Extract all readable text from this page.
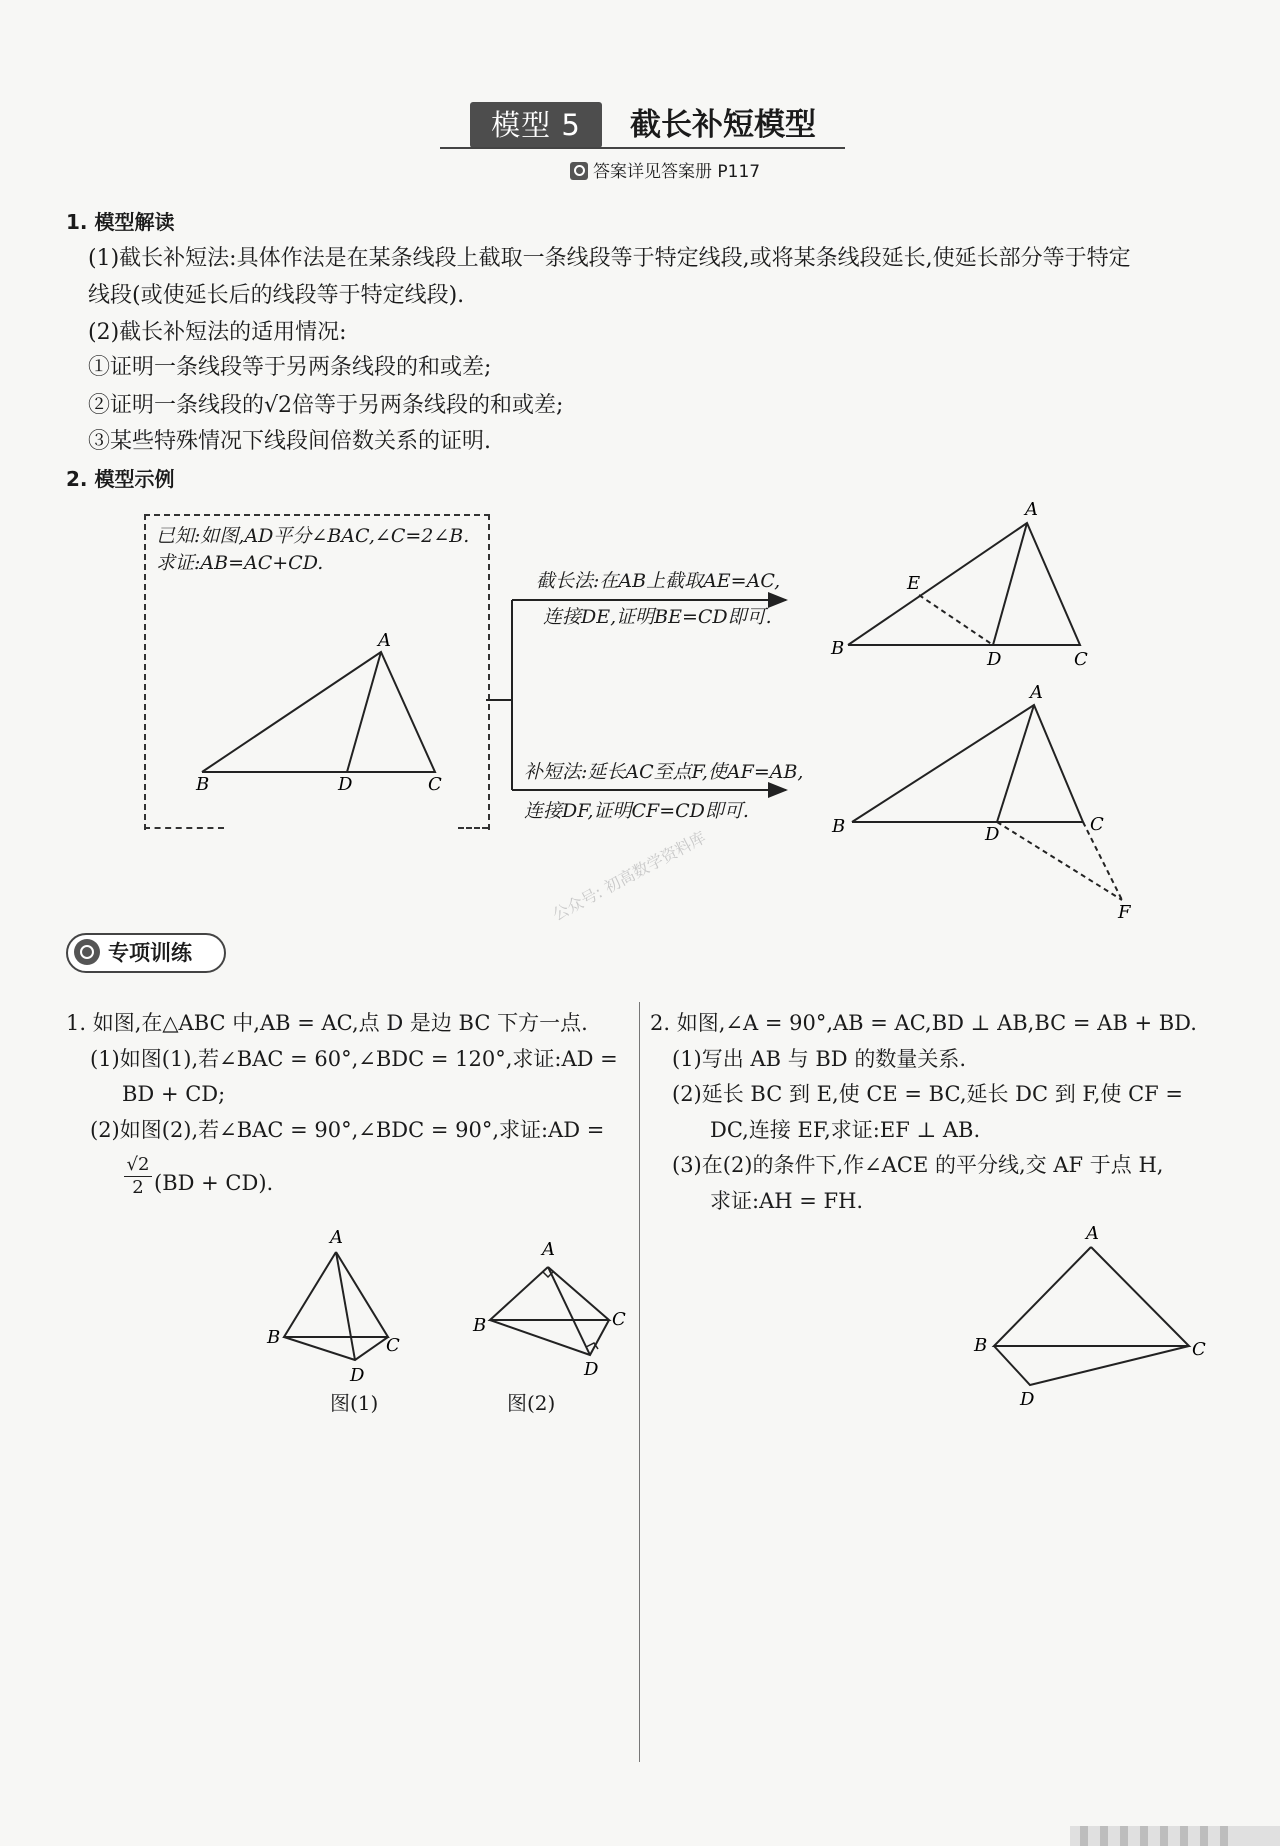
模型 5	截长补短模型
答案详见答案册 P117
1. 模型解读
(1)截长补短法:具体作法是在某条线段上截取一条线段等于特定线段,或将某条线段延长,使延长部分等于特定
线段(或使延长后的线段等于特定线段).
(2)截长补短法的适用情况:
①证明一条线段等于另两条线段的和或差;
②证明一条线段的√2倍等于另两条线段的和或差;
③某些特殊情况下线段间倍数关系的证明.
2. 模型示例
已知:如图,AD平分∠BAC,∠C=2∠B.
求证:AB=AC+CD.
截长法:在AB上截取AE=AC,
连接DE,证明BE=CD即可.
补短法:延长AC至点F,使AF=AB,
连接DF,证明CF=CD即可.
A
B	D	C
A
E
B
D	C
A
B	D	C
F
公众号: 初高数学资料库
专项训练
1. 如图,在△ABC 中,AB = AC,点 D 是边 BC 下方一点.
(1)如图(1),若∠BAC = 60°,∠BDC = 120°,求证:AD =
BD + CD;
(2)如图(2),若∠BAC = 90°,∠BDC = 90°,求证:AD =
$\frac{√2}{2} (BD + CD)$.
A
B	C
D
A
B	C
D
图(1)	图(2)
2. 如图,∠A = 90°,AB = AC,BD ⊥ AB,BC = AB + BD.
(1)写出 AB 与 BD 的数量关系.
(2)延长 BC 到 E,使 CE = BC,延长 DC 到 F,使 CF =
DC,连接 EF,求证:EF ⊥ AB.
(3)在(2)的条件下,作∠ACE 的平分线,交 AF 于点 H,
求证:AH = FH.
A
B	C
D
